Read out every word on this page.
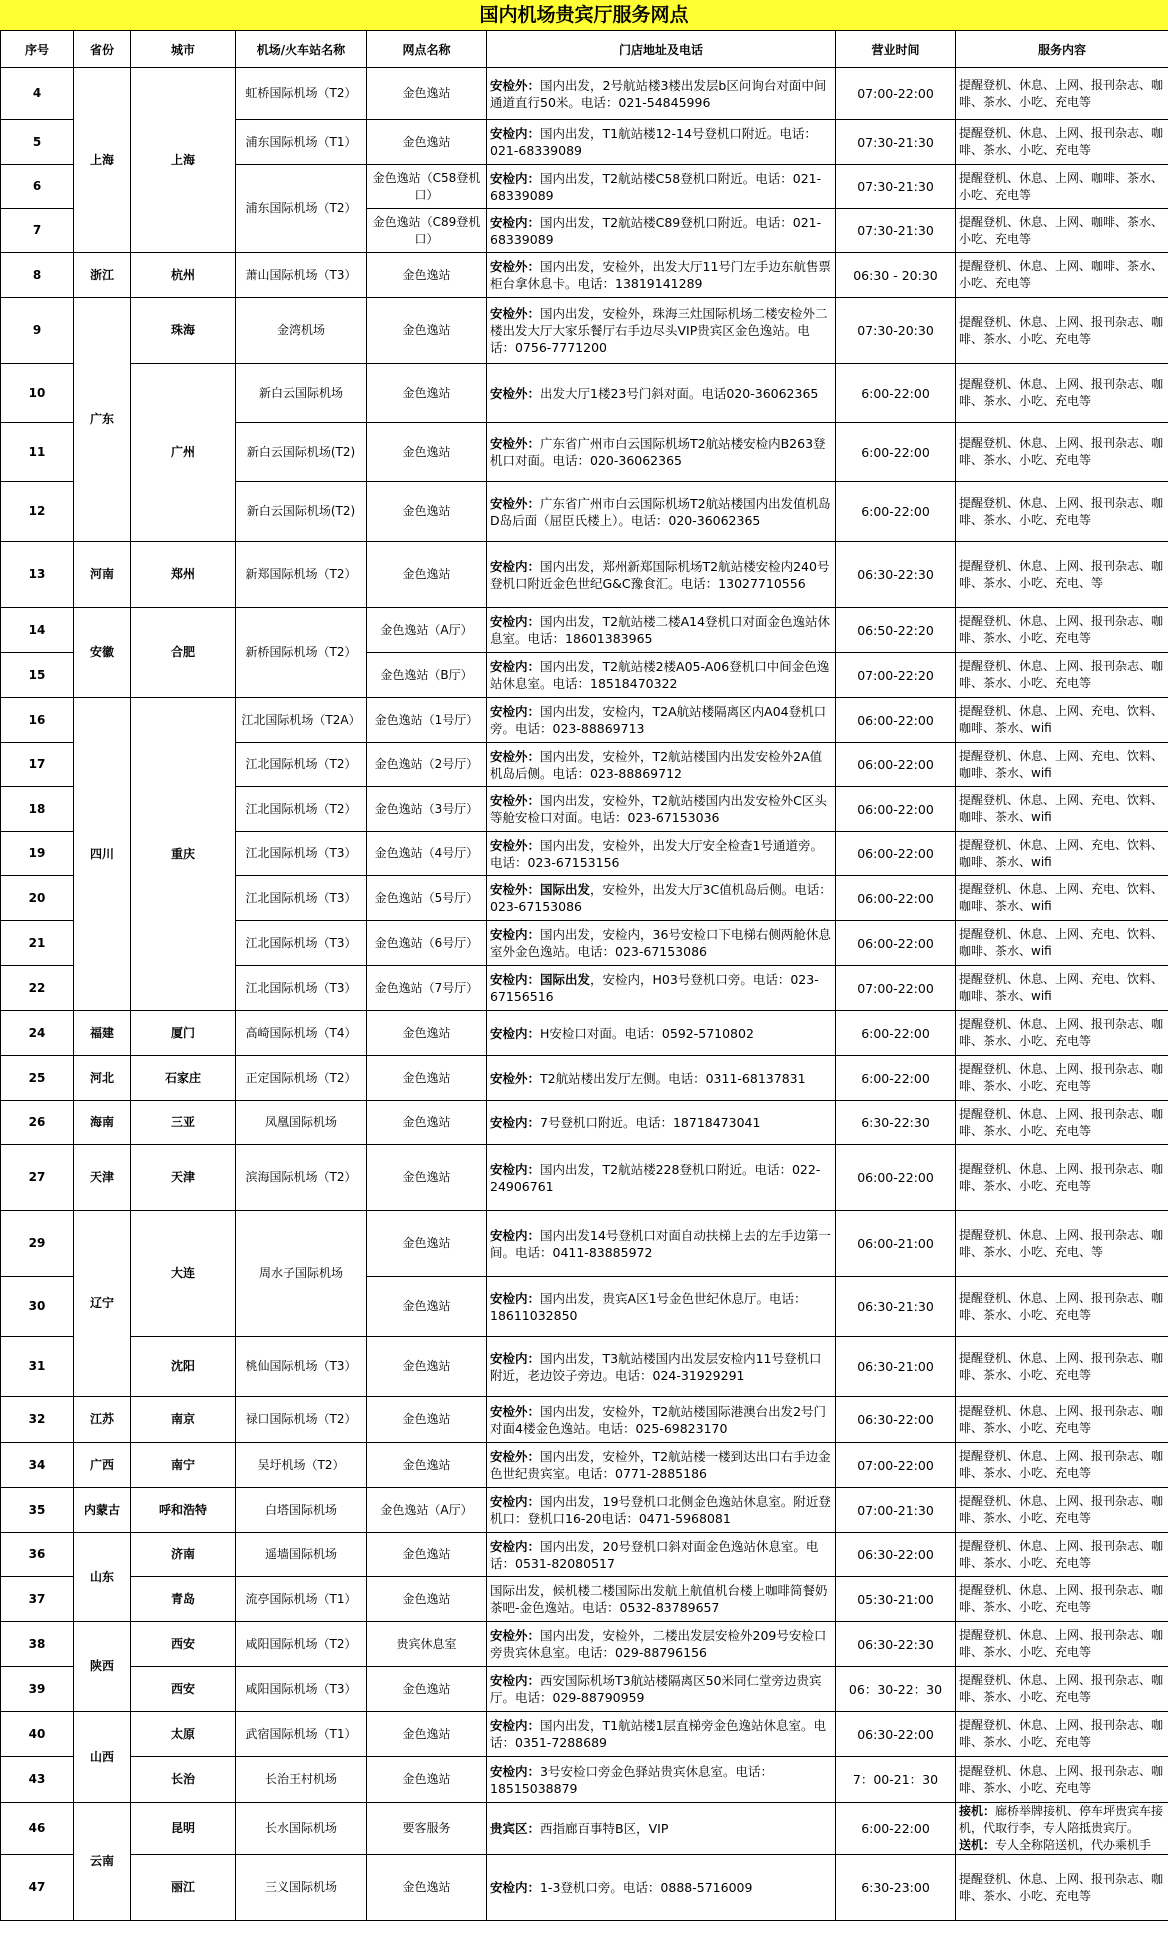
国内机场贵宾厅服务网点
序号	省份	城市	机场/火车站名称	网点名称	门店地址及电话	营业时间	服务内容
4	上海	上海	虹桥国际机场（T2）	金色逸站	安检外：国内出发，2号航站楼3楼出发层b区问询台对面中间通道直行50米。电话：021-54845996	07:00-22:00	提醒登机、休息、上网、报刊杂志、咖啡、茶水、小吃、充电等
5			浦东国际机场（T1）	金色逸站	安检内：国内出发，T1航站楼12-14号登机口附近。电话：021-68339089	07:30-21:30	提醒登机、休息、上网、报刊杂志、咖啡、茶水、小吃、充电等
6			浦东国际机场（T2）	金色逸站（C58登机口）	安检内：国内出发，T2航站楼C58登机口附近。电话：021-68339089	07:30-21:30	提醒登机、休息、上网、咖啡、茶水、小吃、充电等
7				金色逸站（C89登机口）	安检内：国内出发，T2航站楼C89登机口附近。电话：021-68339089	07:30-21:30	提醒登机、休息、上网、咖啡、茶水、小吃、充电等
8	浙江	杭州	萧山国际机场（T3）	金色逸站	安检外：国内出发，安检外，出发大厅11号门左手边东航售票柜台拿休息卡。电话：13819141289	06:30 - 20:30	提醒登机、休息、上网、咖啡、茶水、小吃、充电等
9	广东	珠海	金湾机场	金色逸站	安检外：国内出发，安检外，珠海三灶国际机场二楼安检外二楼出发大厅大家乐餐厅右手边尽头VIP贵宾区金色逸站。电话：0756-7771200	07:30-20:30	提醒登机、休息、上网、报刊杂志、咖啡、茶水、小吃、充电等
10		广州	新白云国际机场	金色逸站	安检外：出发大厅1楼23号门斜对面。电话020-36062365	6:00-22:00	提醒登机、休息、上网、报刊杂志、咖啡、茶水、小吃、充电等
11			新白云国际机场(T2)	金色逸站	安检外：广东省广州市白云国际机场T2航站楼安检内B263登机口对面。电话：020-36062365	6:00-22:00	提醒登机、休息、上网、报刊杂志、咖啡、茶水、小吃、充电等
12			新白云国际机场(T2)	金色逸站	安检外：广东省广州市白云国际机场T2航站楼国内出发值机岛D岛后面（屈臣氏楼上）。电话：020-36062365	6:00-22:00	提醒登机、休息、上网、报刊杂志、咖啡、茶水、小吃、充电等
13	河南	郑州	新郑国际机场（T2）	金色逸站	安检内：国内出发，郑州新郑国际机场T2航站楼安检内240号登机口附近金色世纪G&C豫食汇。电话：13027710556	06:30-22:30	提醒登机、休息、上网、报刊杂志、咖啡、茶水、小吃、充电、等
14	安徽	合肥	新桥国际机场（T2）	金色逸站（A厅）	安检内：国内出发，T2航站楼二楼A14登机口对面金色逸站休息室。电话：18601383965	06:50-22:20	提醒登机、休息、上网、报刊杂志、咖啡、茶水、小吃、充电等
15				金色逸站（B厅）	安检内：国内出发，T2航站楼2楼A05-A06登机口中间金色逸站休息室。电话：18518470322	07:00-22:20	提醒登机、休息、上网、报刊杂志、咖啡、茶水、小吃、充电等
16	四川	重庆	江北国际机场（T2A）	金色逸站（1号厅）	安检内：国内出发，安检内，T2A航站楼隔离区内A04登机口旁。电话：023-88869713	06:00-22:00	提醒登机、休息、上网、充电、饮料、咖啡、茶水、wifi
17			江北国际机场（T2）	金色逸站（2号厅）	安检外：国内出发，安检外，T2航站楼国内出发安检外2A值机岛后侧。电话：023-88869712	06:00-22:00	提醒登机、休息、上网、充电、饮料、咖啡、茶水、wifi
18			江北国际机场（T2）	金色逸站（3号厅）	安检外：国内出发，安检外，T2航站楼国内出发安检外C区头等舱安检口对面。电话：023-67153036	06:00-22:00	提醒登机、休息、上网、充电、饮料、咖啡、茶水、wifi
19			江北国际机场（T3）	金色逸站（4号厅）	安检外：国内出发，安检外，出发大厅安全检查1号通道旁。电话：023-67153156	06:00-22:00	提醒登机、休息、上网、充电、饮料、咖啡、茶水、wifi
20			江北国际机场（T3）	金色逸站（5号厅）	安检外：国际出发，安检外，出发大厅3C值机岛后侧。电话：023-67153086	06:00-22:00	提醒登机、休息、上网、充电、饮料、咖啡、茶水、wifi
21			江北国际机场（T3）	金色逸站（6号厅）	安检内：国内出发，安检内，36号安检口下电梯右侧两舱休息室外金色逸站。电话：023-67153086	06:00-22:00	提醒登机、休息、上网、充电、饮料、咖啡、茶水、wifi
22			江北国际机场（T3）	金色逸站（7号厅）	安检内：国际出发，安检内，H03号登机口旁。电话：023-67156516	07:00-22:00	提醒登机、休息、上网、充电、饮料、咖啡、茶水、wifi
24	福建	厦门	高崎国际机场（T4）	金色逸站	安检内：H安检口对面。电话：0592-5710802	6:00-22:00	提醒登机、休息、上网、报刊杂志、咖啡、茶水、小吃、充电等
25	河北	石家庄	正定国际机场（T2）	金色逸站	安检外：T2航站楼出发厅左侧。电话：0311-68137831	6:00-22:00	提醒登机、休息、上网、报刊杂志、咖啡、茶水、小吃、充电等
26	海南	三亚	凤凰国际机场	金色逸站	安检内：7号登机口附近。电话：18718473041	6:30-22:30	提醒登机、休息、上网、报刊杂志、咖啡、茶水、小吃、充电等
27	天津	天津	滨海国际机场（T2）	金色逸站	安检内：国内出发，T2航站楼228登机口附近。电话：022-24906761	06:00-22:00	提醒登机、休息、上网、报刊杂志、咖啡、茶水、小吃、充电等
29	辽宁	大连	周水子国际机场	金色逸站	安检内：国内出发14号登机口对面自动扶梯上去的左手边第一间。电话：0411-83885972	06:00-21:00	提醒登机、休息、上网、报刊杂志、咖啡、茶水、小吃、充电、等
30				金色逸站	安检内：国内出发，贵宾A区1号金色世纪休息厅。电话：18611032850	06:30-21:30	提醒登机、休息、上网、报刊杂志、咖啡、茶水、小吃、充电等
31		沈阳	桃仙国际机场（T3）	金色逸站	安检内：国内出发，T3航站楼国内出发层安检内11号登机口附近，老边饺子旁边。电话：024-31929291	06:30-21:00	提醒登机、休息、上网、报刊杂志、咖啡、茶水、小吃、充电等
32	江苏	南京	禄口国际机场（T2）	金色逸站	安检外：国内出发，安检外，T2航站楼国际港澳台出发2号门对面4楼金色逸站。电话：025-69823170	06:30-22:00	提醒登机、休息、上网、报刊杂志、咖啡、茶水、小吃、充电等
34	广西	南宁	吴圩机场（T2）	金色逸站	安检外：国内出发，安检外，T2航站楼一楼到达出口右手边金色世纪贵宾室。电话：0771-2885186	07:00-22:00	提醒登机、休息、上网、报刊杂志、咖啡、茶水、小吃、充电等
35	内蒙古	呼和浩特	白塔国际机场	金色逸站（A厅）	安检内：国内出发，19号登机口北侧金色逸站休息室。附近登机口：登机口16-20电话：0471-5968081	07:00-21:30	提醒登机、休息、上网、报刊杂志、咖啡、茶水、小吃、充电等
36	山东	济南	遥墙国际机场	金色逸站	安检内：国内出发，20号登机口斜对面金色逸站休息室。电话：0531-82080517	06:30-22:00	提醒登机、休息、上网、报刊杂志、咖啡、茶水、小吃、充电等
37		青岛	流亭国际机场（T1）	金色逸站	国际出发，候机楼二楼国际出发航上航值机台楼上咖啡简餐奶茶吧-金色逸站。电话：0532-83789657	05:30-21:00	提醒登机、休息、上网、报刊杂志、咖啡、茶水、小吃、充电等
38	陕西	西安	咸阳国际机场（T2）	贵宾休息室	安检外：国内出发，安检外，二楼出发层安检外209号安检口旁贵宾休息室。电话：029-88796156	06:30-22:30	提醒登机、休息、上网、报刊杂志、咖啡、茶水、小吃、充电等
39		西安	咸阳国际机场（T3）	金色逸站	安检内：西安国际机场T3航站楼隔离区50米同仁堂旁边贵宾厅。电话：029-88790959	06：30-22：30	提醒登机、休息、上网、报刊杂志、咖啡、茶水、小吃、充电等
40	山西	太原	武宿国际机场（T1）	金色逸站	安检内：国内出发，T1航站楼1层直梯旁金色逸站休息室。电话：0351-7288689	06:30-22:00	提醒登机、休息、上网、报刊杂志、咖啡、茶水、小吃、充电等
43		长治	长治王村机场	金色逸站	安检内：3号安检口旁金色驿站贵宾休息室。电话：18515038879	7：00-21：30	提醒登机、休息、上网、报刊杂志、咖啡、茶水、小吃、充电等
46	云南	昆明	长水国际机场	要客服务	贵宾区：西指廊百事特B区，VIP	6:00-22:00	接机：廊桥举牌接机、停车坪贵宾车接机，代取行李，专人陪抵贵宾厅。
送机：专人全称陪送机，代办乘机手
47		丽江	三义国际机场	金色逸站	安检内：1-3登机口旁。电话：0888-5716009	6:30-23:00	提醒登机、休息、上网、报刊杂志、咖啡、茶水、小吃、充电等
